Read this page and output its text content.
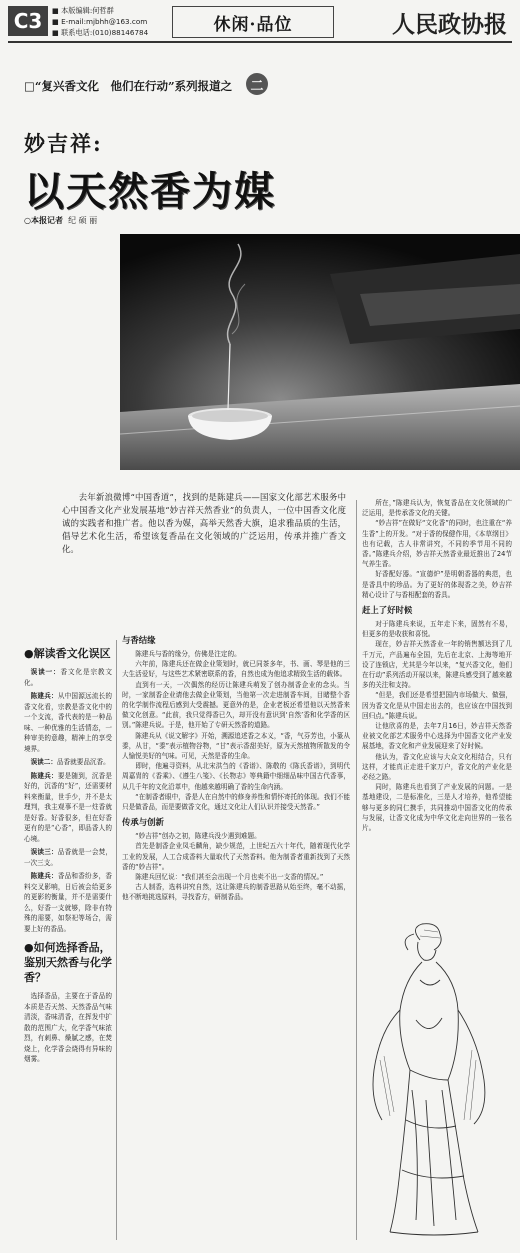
C3	■ 本版编辑:何哲群
■ E-mail:mjbhh@163.com
■ 联系电话:(010)88146784	休闲·品位	人民政协报
□“复兴香文化　他们在行动”系列报道之	二
妙吉祥:
以天然香为媒
○本报记者 纪 硕 丽
去年新浪微博“中国香道”，找到的是陈建兵——国家文化部艺术服务中心中国香文化产业发展基地“妙吉祥天然香业”的负责人，一位中国香文化度诚的实践者和推广者。他以香为媒，高举天然香大旗，追求雅品质的生活，倡导艺术化生活，希望该复香品在文化领域的广泛运用，传承并推广香文化。
●解读香文化误区

误读一：香文化是宗教文化。

陈建兵：从中国源远流长的香文化看，宗教是香文化中的一个支流，香代表的是一种品味、一种优雅的生活情态，一种审美的意趣，精神上的享受境界。

误读二：品香就要品沉香。

陈建兵：要是随到，沉香是好的，沉香的“好”，还需要材料来衡量，世手少，并不是太理判，我主观事不是一炷香就是好香。好香很多，但在好香更有的是“心香”，即品香人的心境。

误读三：品香就是一会焚，一次三支。

陈建兵：香品和香纷多，香料交叉影响，日后被会给更多的更影的衡量，并不是需要什么，好香一支就够，除非有特殊的需要，如祭祀等场合，需要上好的香品。

●如何选择香品，鉴别天然香与化学香？

选择香品，主要在于香品的本质是否天然、天然香品气味清淡，香味清香，在挥发中扩散的范围广大，化学香气味浓烈，有刺鼻、燥腻之感，在焚烧上，化学香会烧得有异味的烟雾。

与香结缘

陈建兵与香的缘分，仿佛是注定的。

六年前，陈建兵还在做企业策划时，就已同茶多年，书、画、琴是他的三大生活爱好，与这些艺术紧密联系的香，自然也成为他追求精致生活的载体。

直到有一天，一次偶然的经历让陈建兵萌发了创办制香企业的念头。当时，一家制香企业请他去做企业策划，当他第一次走进制香车间，目睹整个香的化学制作流程后感到大受震撼。更意外的是，企业老板还希望他以天然香来做文化创意。“此前，我只觉得香已久，却开没有意识到‘自然’香和化学香的区别。”陈建兵说。于是，他开始了专研天然香的道路。

陈建兵从《说文解字》开始，溯源追述香之本义，“香，气芬芳也，小篆从黍，从甘，“黍”表示植物谷物，“甘”表示香甜美好，原为天然植物所散发的令人愉悦美好的气味。可见，天然是香的生命。

即时，他遍寻资料，从北宋洪刍的《香谱》、陈敬的《陈氏香谱》，到明代周嘉胄的《香乘》、《遵生八笺》、《长物志》等典籍中细细品味中国古代香事，从几千年的文化沿革中，他越来越明确了香的生命内涵。

“在制香者眼中，香是人在自然中的修身养性和情怀寄托的体现。我们不能只是做香品，而是要做香文化，通过文化让人们认识并接受天然香。”

传承与创新

“妙吉祥”创办之初，陈建兵没少遇到难题。

首先是制香企业凤毛麟角，缺少规范，上世纪五六十年代，随着现代化学工业的发展，人工合成香料大量取代了天然香料。他为制香者重新找到了天然香的“妙吉祥”。

陈建兵回忆说：“我们甚至会出现一个月也卖不出一支香的情况。”

古人制香，选料讲究自然，这让陈建兵的制香思路从始至终，毫不动摇，他不断地挑选原料，寻找香方，研制香品。

所在，”陈建兵认为，恢复香品在文化领域的广泛运用，是传承香文化的关键。

“妙吉祥”在做好“文化香”的同时，也注重在“养生香”上的开发。“对于香的保健作用，《本草纲目》也有记载，古人非常讲究，不同的季节用不同的香。”陈建兵介绍，妙吉祥天然香业最近推出了24节气养生香。

好香配好器。“宣德炉”是明朝香器的典范，也是香具中的珍品。为了更好的体现香之美，妙吉祥精心设计了与香相配套的香具。

赶上了好时候

对于陈建兵来说，五年走下来，固然有不易，但更多的是收获和喜悦。

现在，妙吉祥天然香业一年的销售额达到了几千万元，产品遍布全国，先后在北京、上海等地开设了连锁店，尤其是今年以来，“复兴香文化，他们在行动”系列活动开展以来，陈建兵感受到了越来越多的关注和支持。

“但是，我们还是希望把国内市场做大、做强，因为香文化是从中国走出去的，也应该在中国找到回归点。”陈建兵说。

让他欣喜的是，去年7月16日，妙吉祥天然香业被文化部艺术服务中心选择为中国香文化产业发展基地，香文化和产业发展迎来了好时候。

他认为，香文化应该与大众文化相结合，只有这样，才能真正走进千家万户，香文化的产业化是必经之路。

同时，陈建兵也看到了产业发展的问题。一是基地建设，二是标准化，三是人才培养，他希望能够与更多的同仁携手，共同推动中国香文化的传承与发展，让香文化成为中华文化走向世界的一张名片。
